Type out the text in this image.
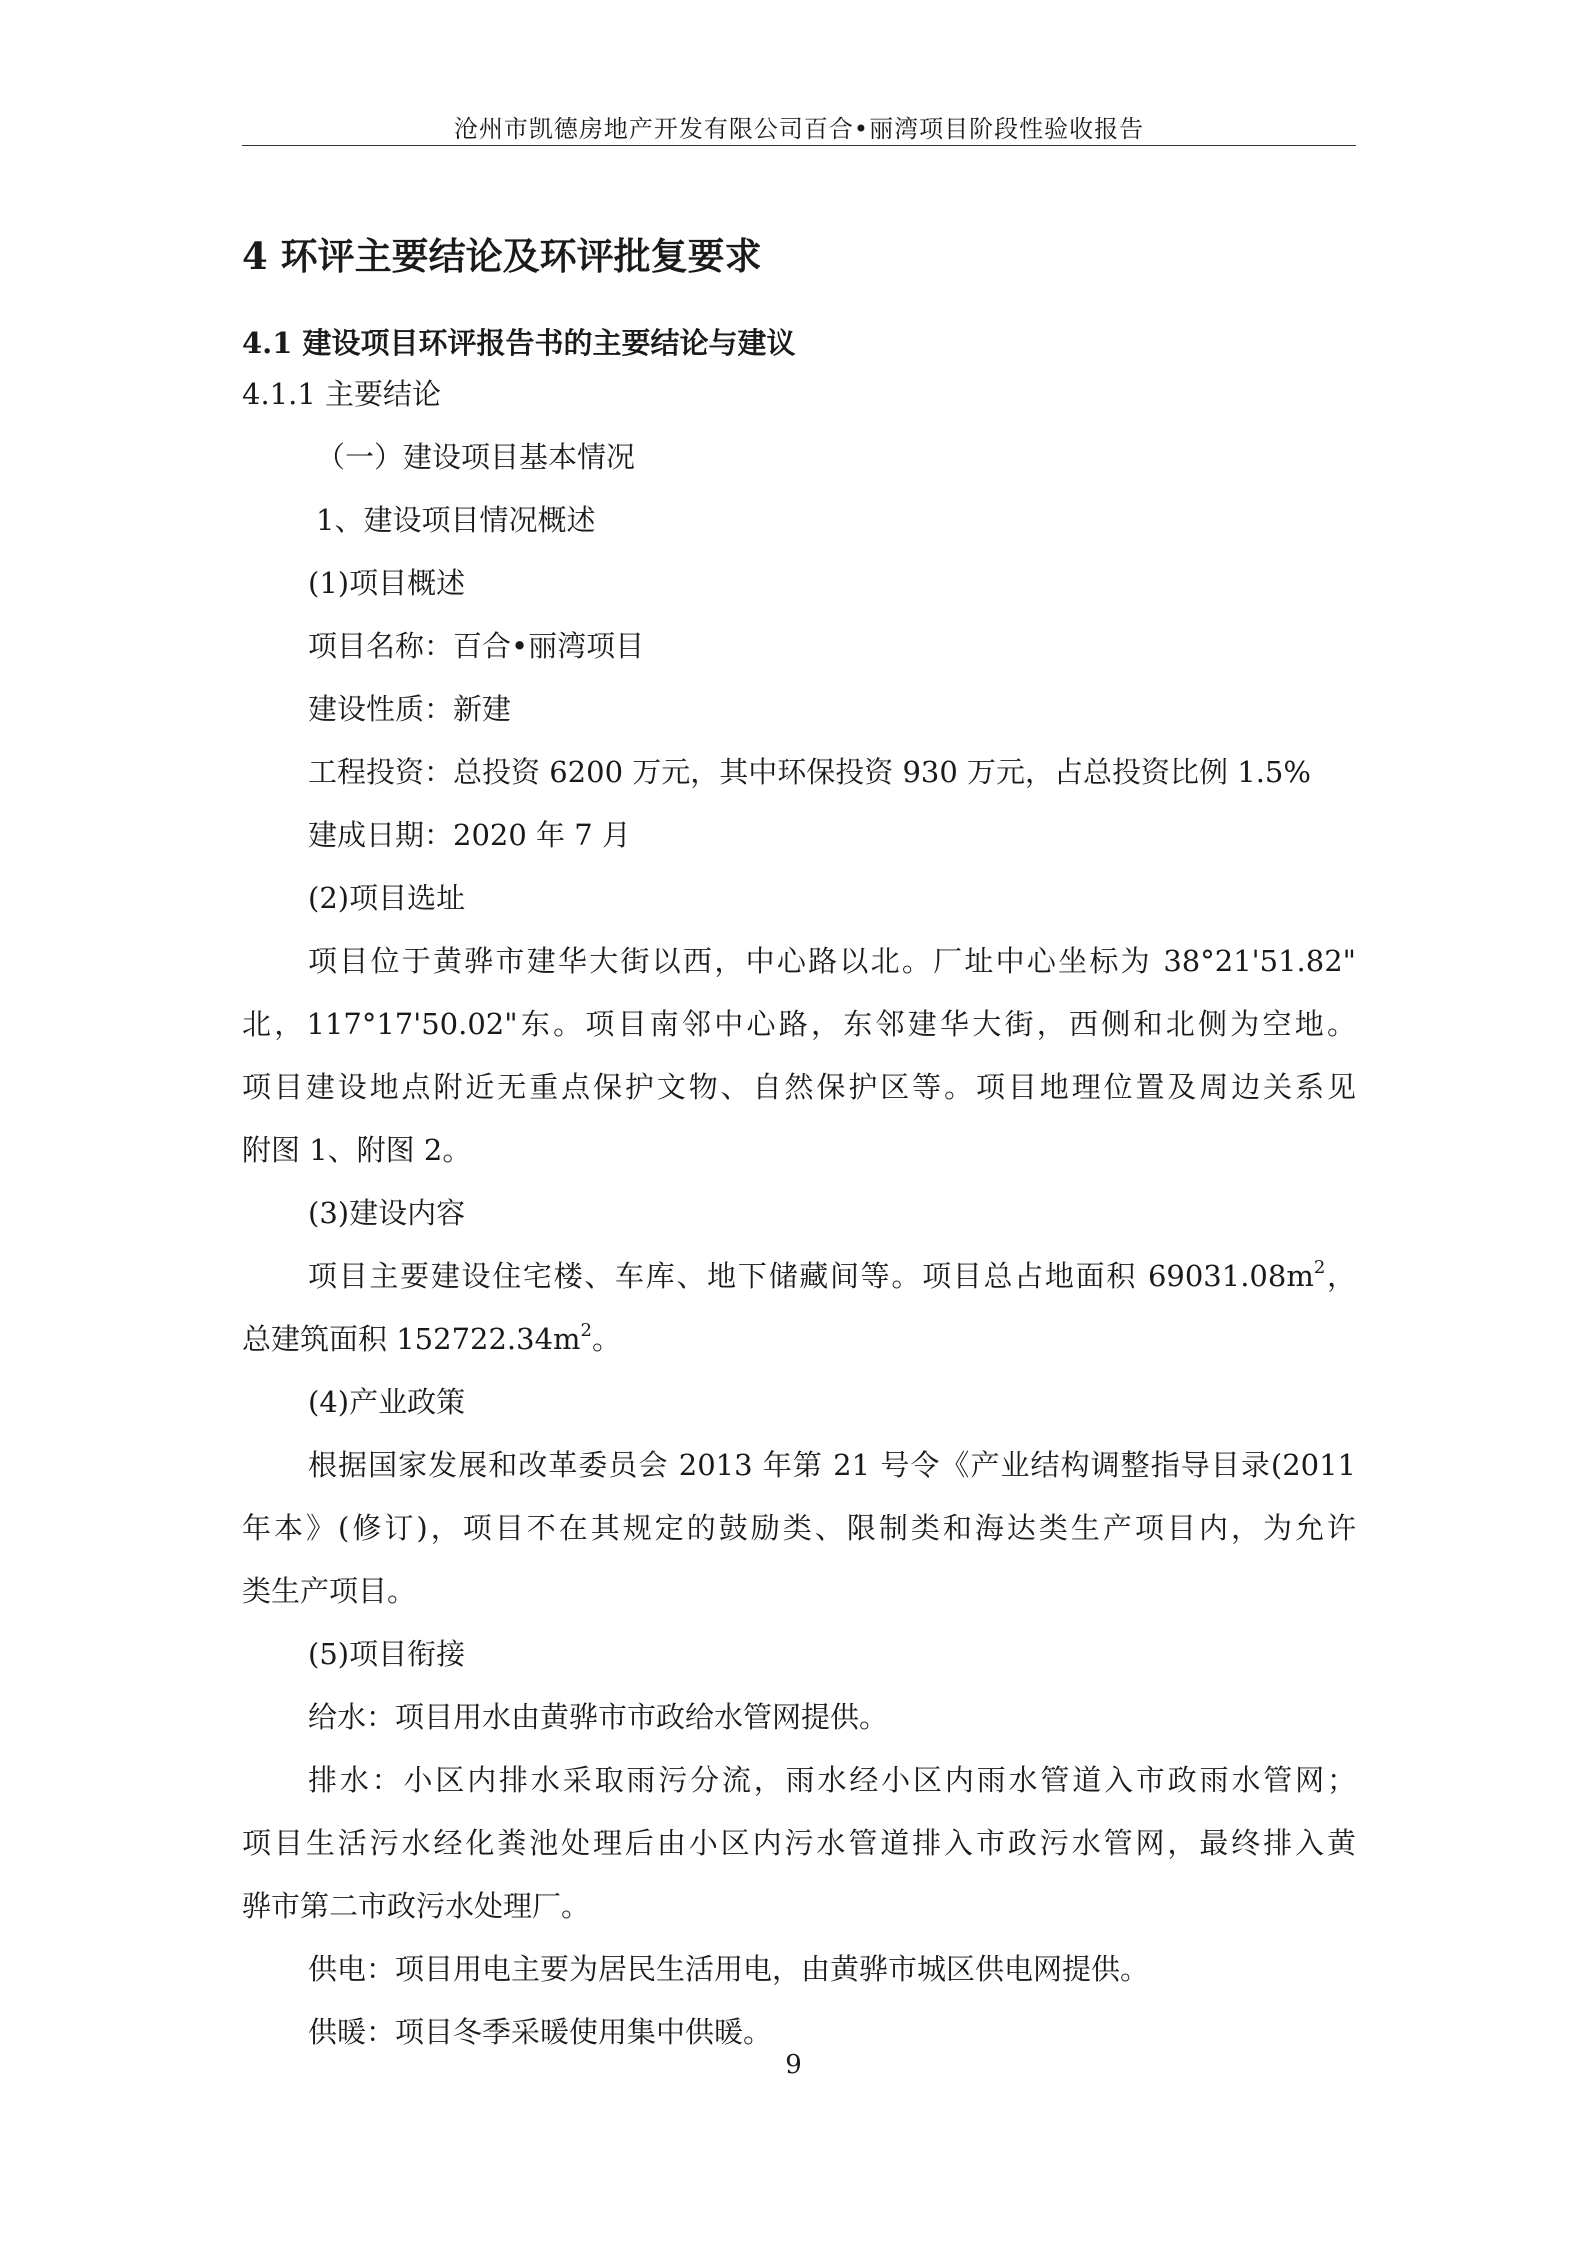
沧州市凯德房地产开发有限公司百合•丽湾项目阶段性验收报告
4 环评主要结论及环评批复要求
4.1 建设项目环评报告书的主要结论与建议
4.1.1 主要结论
（一）建设项目基本情况
1、建设项目情况概述
(1)项目概述
项目名称：百合•丽湾项目
建设性质：新建
工程投资：总投资 6200 万元，其中环保投资 930 万元，占总投资比例 1.5%
建成日期：2020 年 7 月
(2)项目选址
项目位于黄骅市建华大街以西，中心路以北。厂址中心坐标为 38°21'51.82"
北，117°17'50.02"东。项目南邻中心路，东邻建华大街，西侧和北侧为空地。
项目建设地点附近无重点保护文物、自然保护区等。项目地理位置及周边关系见
附图 1、附图 2。
(3)建设内容
项目主要建设住宅楼、车库、地下储藏间等。项目总占地面积 $69031.08m^2$，
总建筑面积 $152722.34m^2$。
(4)产业政策
根据国家发展和改革委员会 2013 年第 21 号令《产业结构调整指导目录(2011
年本》(修订)，项目不在其规定的鼓励类、限制类和海达类生产项目内，为允许
类生产项目。
(5)项目衔接
给水：项目用水由黄骅市市政给水管网提供。
排水：小区内排水采取雨污分流，雨水经小区内雨水管道入市政雨水管网；
项目生活污水经化粪池处理后由小区内污水管道排入市政污水管网，最终排入黄
骅市第二市政污水处理厂。
供电：项目用电主要为居民生活用电，由黄骅市城区供电网提供。
供暖：项目冬季采暖使用集中供暖。
9
